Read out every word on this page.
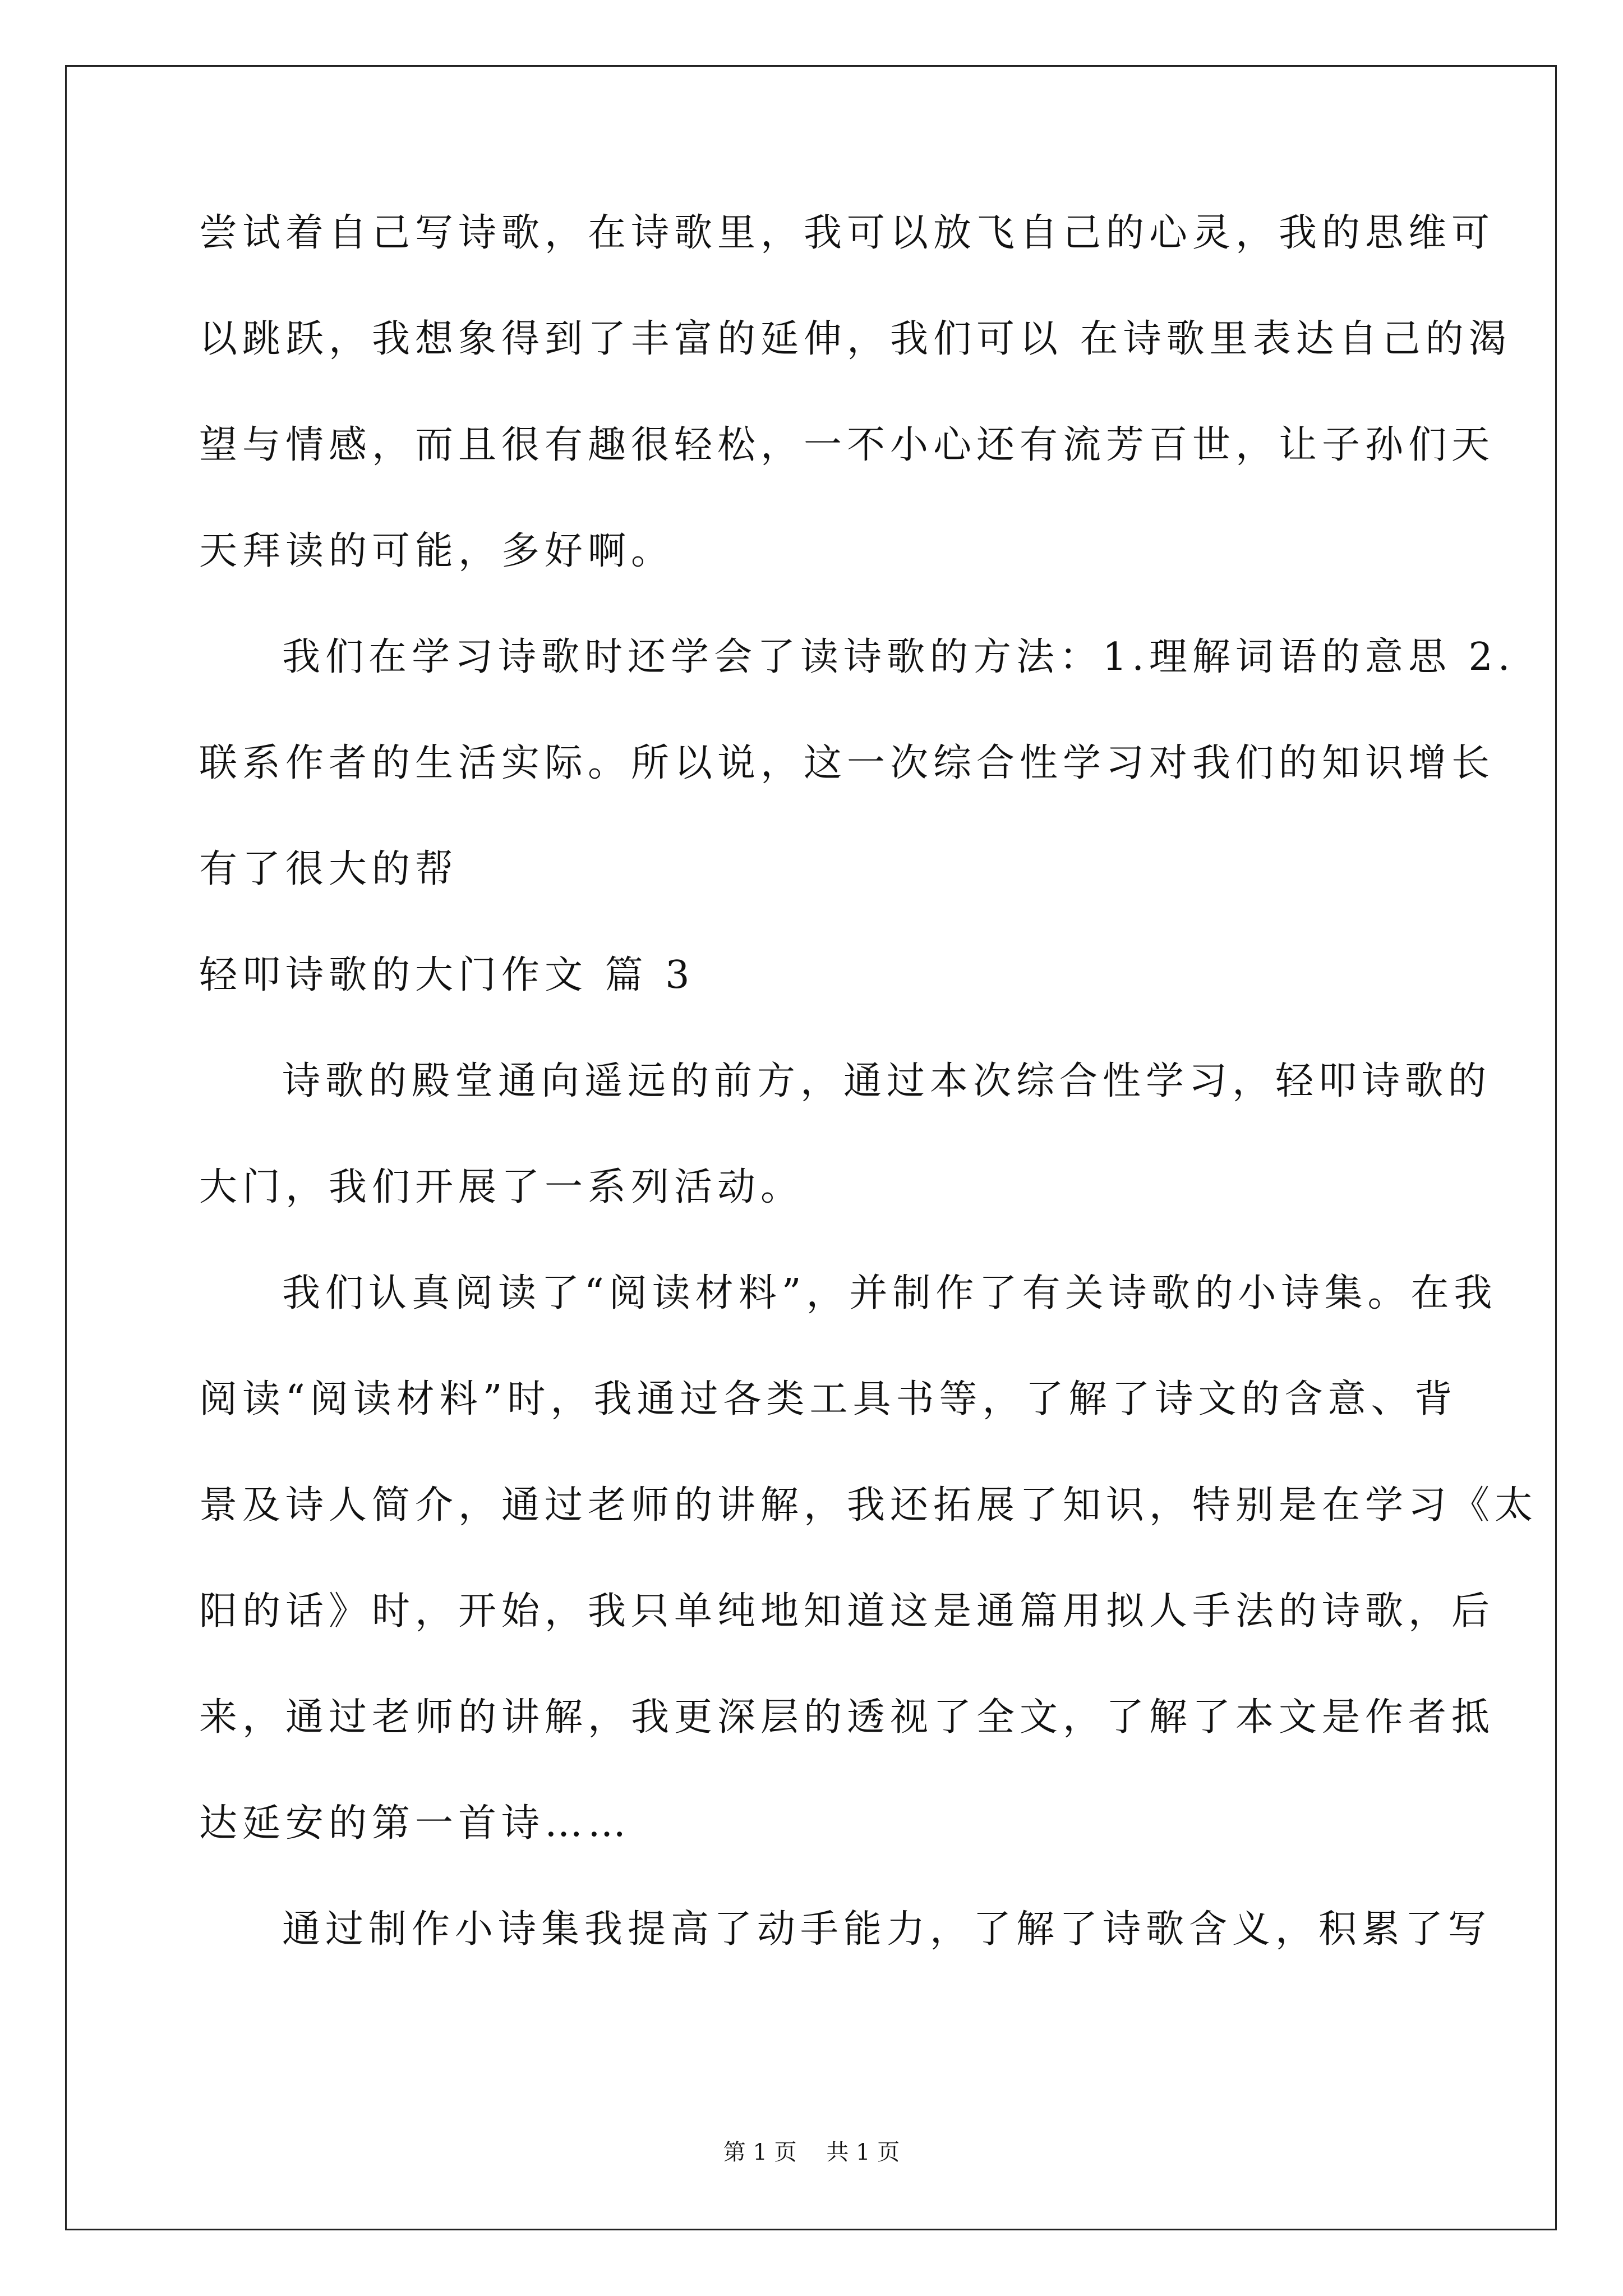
尝试着自己写诗歌，在诗歌里，我可以放飞自己的心灵，我的思维可
以跳跃，我想象得到了丰富的延伸，我们可以 在诗歌里表达自己的渴
望与情感，而且很有趣很轻松，一不小心还有流芳百世，让子孙们天
天拜读的可能，多好啊。
我们在学习诗歌时还学会了读诗歌的方法：1.理解词语的意思 2.
联系作者的生活实际。所以说，这一次综合性学习对我们的知识增长
有了很大的帮
轻叩诗歌的大门作文 篇 3
诗歌的殿堂通向遥远的前方，通过本次综合性学习，轻叩诗歌的
大门，我们开展了一系列活动。
我们认真阅读了“阅读材料”，并制作了有关诗歌的小诗集。在我
阅读“阅读材料”时，我通过各类工具书等，了解了诗文的含意、背
景及诗人简介，通过老师的讲解，我还拓展了知识，特别是在学习《太
阳的话》时，开始，我只单纯地知道这是通篇用拟人手法的诗歌，后
来，通过老师的讲解，我更深层的透视了全文，了解了本文是作者抵
达延安的第一首诗……
通过制作小诗集我提高了动手能力，了解了诗歌含义，积累了写
第 1 页 共 1 页
